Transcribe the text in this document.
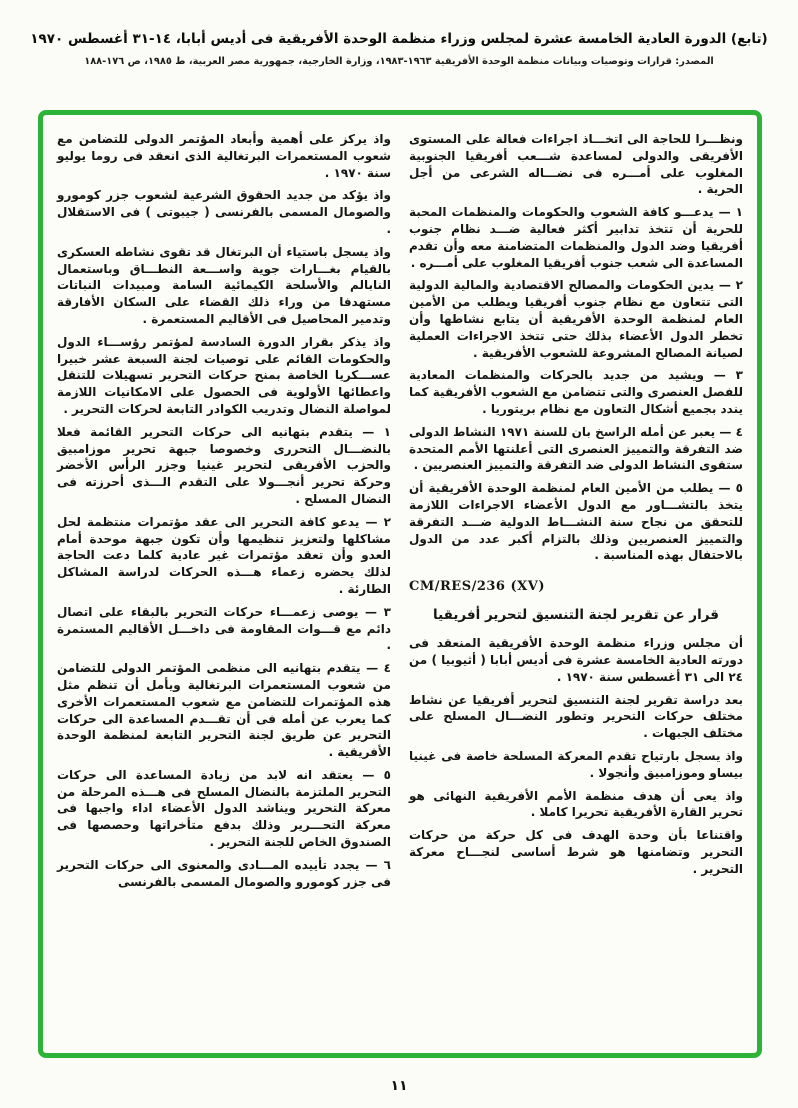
(تابع) الدورة العادية الخامسة عشرة لمجلس وزراء منظمة الوحدة الأفريقية فى أديس أبابا، ١٤-٣١ أغسطس ١٩٧٠
المصدر: قرارات وتوصيات وبيانات منظمة الوحدة الأفريقية ١٩٦٣-١٩٨٣، وزارة الخارجية، جمهورية مصر العربية، ط ١٩٨٥، ص ١٧٦-١٨٨

ونظـــرا للحاجة الى اتخـــاذ اجراءات فعالة على المستوى الأفريقى والدولى لمساعدة شـــعب أفريقيا الجنوبية المغلوب على أمـــره فى نضـــاله الشرعى من أجل الحرية .

١ — يدعـــو كافة الشعوب والحكومات والمنظمات المحبة للحرية أن تتخذ تدابير أكثر فعالية ضـــد نظام جنوب أفريقيا وضد الدول والمنظمات المتضامنة معه وأن تقدم المساعدة الى شعب جنوب أفريقيا المغلوب على أمـــره .

٢ — يدين الحكومات والمصالح الاقتصادية والمالية الدولية التى تتعاون مع نظام جنوب أفريقيا ويطلب من الأمين العام لمنظمة الوحدة الأفريقية أن يتابع نشاطها وأن تخطر الدول الأعضاء بذلك حتى تتخذ الاجراءات العملية لصيانة المصالح المشروعة للشعوب الأفريقية .

٣ — ويشيد من جديد بالحركات والمنظمات المعادية للفصل العنصرى والتى تتضامن مع الشعوب الأفريقية كما يندد بجميع أشكال التعاون مع نظام بريتوريا .

٤ — يعبر عن أمله الراسخ بان للسنة ١٩٧١ النشاط الدولى ضد التفرقة والتمييز العنصرى التى أعلنتها الأمم المتحدة ستقوى النشاط الدولى ضد التفرقة والتمييز العنصريين .

٥ — يطلب من الأمين العام لمنظمة الوحدة الأفريقية أن يتخذ بالتشـــاور مع الدول الأعضاء الاجراءات اللازمة للتحقق من نجاح سنة النشـــاط الدولية ضـــد التفرقة والتمييز العنصريين وذلك بالتزام أكبر عدد من الدول بالاحتفال بهذه المناسبة .

CM/RES/236 (XV)
قرار عن تقرير لجنة التنسيق لتحرير أفريقيا

أن مجلس وزراء منظمة الوحدة الأفريقية المنعقد فى دورته العادية الخامسة عشرة فى أديس أبابا ( أثيوبيا ) من ٢٤ الى ٣١ أغسطس سنة ١٩٧٠ .

بعد دراسة تقرير لجنة التنسيق لتحرير أفريقيا عن نشاط مختلف حركات التحرير وتطور النضـــال المسلح على مختلف الجبهات .

واذ يسجل بارتياح تقدم المعركة المسلحة خاصة فى غينيا بيساو وموزامبيق وأنجولا .

واذ يعى أن هدف منظمة الأمم الأفريقية النهائى هو تحرير القارة الأفريقية تحريرا كاملا .

واقتناعا بأن وحدة الهدف فى كل حركة من حركات التحرير وتضامنها هو شرط أساسى لنجـــاح معركة التحرير .

واذ يركز على أهمية وأبعاد المؤتمر الدولى للتضامن مع شعوب المستعمرات البرتغالية الذى انعقد فى روما يوليو سنة ١٩٧٠ .

واذ يؤكد من جديد الحقوق الشرعية لشعوب جزر كومورو والصومال المسمى بالفرنسى ( جيبوتى ) فى الاستقلال .

واذ يسجل باستياء أن البرتغال قد تقوى نشاطه العسكرى بالقيام بغـــارات جوية واســـعة النطـــاق وباستعمال النابالم والأسلحة الكيمائية السامة ومبيدات النباتات مستهدفا من وراء ذلك القضاء على السكان الأفارقة وتدمير المحاصيل فى الأقاليم المستعمرة .

واذ يذكر بقرار الدورة السادسة لمؤتمر رؤســـاء الدول والحكومات القائم على توصيات لجنة السبعة عشر خبيرا عســـكريا الخاصة بمنح حركات التحرير تسهيلات للتنقل واعطائها الأولوية فى الحصول على الامكانيات اللازمة لمواصلة النضال وتدريب الكوادر التابعة لحركات التحرير .

١ — يتقدم بتهانيه الى حركات التحرير القائمة فعلا بالنضـــال التحررى وخصوصا جبهة تحرير موزامبيق والحزب الأفريقى لتحرير غينيا وجزر الرأس الأخضر وحركة تحرير أنجـــولا على التقدم الـــذى أحرزته فى النضال المسلح .

٢ — يدعو كافة التحرير الى عقد مؤتمرات منتظمة لحل مشاكلها ولتعزيز تنظيمها وأن تكون جبهة موحدة أمام العدو وأن تعقد مؤتمرات غير عادية كلما دعت الحاجة لذلك يحضره زعماء هـــذه الحركات لدراسة المشاكل الطارئة .

٣ — يوصى زعمـــاء حركات التحرير بالبقاء على اتصال دائم مع قـــوات المقاومة فى داخـــل الأقاليم المستمرة .

٤ — يتقدم بتهانيه الى منظمى المؤتمر الدولى للتضامن من شعوب المستعمرات البرتغالية ويأمل أن تنظم مثل هذه المؤتمرات للتضامن مع شعوب المستعمرات الأخرى كما يعرب عن أمله فى أن تقـــدم المساعدة الى حركات التحرير عن طريق لجنة التحرير التابعة لمنظمة الوحدة الأفريقية .

٥ — يعتقد انه لابد من زيادة المساعدة الى حركات التحرير الملتزمة بالنضال المسلح فى هـــذه المرحلة من معركة التحرير ويناشد الدول الأعضاء اداء واجبها فى معركة التحـــرير وذلك بدفع متأخراتها وحصصها فى الصندوق الخاص للجنة التحرير .

٦ — يجدد تأييده المـــادى والمعنوى الى حركات التحرير فى جزر كومورو والصومال المسمى بالفرنسى

١١
